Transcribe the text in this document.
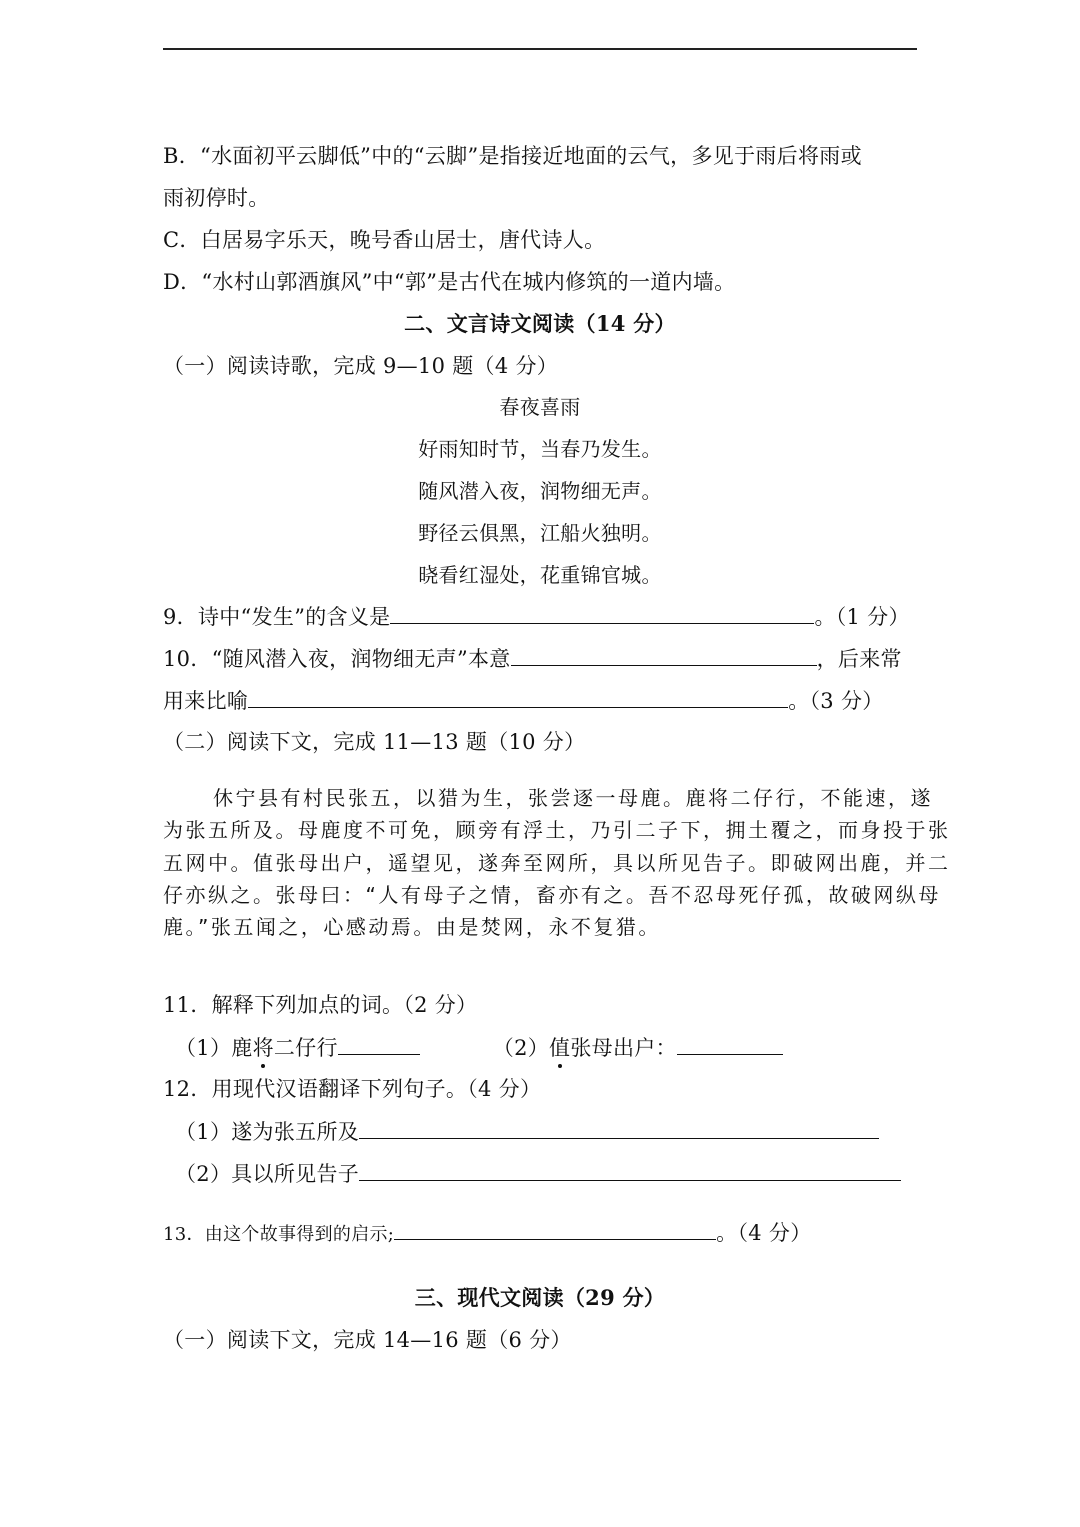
B．“水面初平云脚低”中的“云脚”是指接近地面的云气，多见于雨后将雨或
雨初停时。
C．白居易字乐天，晚号香山居士，唐代诗人。
D．“水村山郭酒旗风”中“郭”是古代在城内修筑的一道内墙。
二、文言诗文阅读（14 分）
（一）阅读诗歌，完成 9—10 题（4 分）
春夜喜雨
好雨知时节，当春乃发生。
随风潜入夜，润物细无声。
野径云俱黑，江船火独明。
晓看红湿处，花重锦官城。
9．诗中“发生”的含义是	。（1 分）
10．“随风潜入夜，润物细无声”本意	，后来常
用来比喻	。（3 分）
（二）阅读下文，完成 11—13 题（10 分）
休宁县有村民张五，以猎为生，张尝逐一母鹿。鹿将二仔行，不能速，遂
为张五所及。母鹿度不可免，顾旁有浮土，乃引二子下，拥土覆之，而身投于张
五网中。值张母出户，遥望见，遂奔至网所，具以所见告子。即破网出鹿，并二
仔亦纵之。张母曰：“人有母子之情，畜亦有之。吾不忍母死仔孤，故破网纵母
鹿。”张五闻之，心感动焉。由是焚网，永不复猎。
11．解释下列加点的词。（2 分）
（1）鹿将二仔行	（2）值张母出户：
12．用现代汉语翻译下列句子。（4 分）
（1）遂为张五所及
（2）具以所见告子
13．由这个故事得到的启示;	。（4 分）
三、现代文阅读（29 分）
（一）阅读下文，完成 14—16 题（6 分）
